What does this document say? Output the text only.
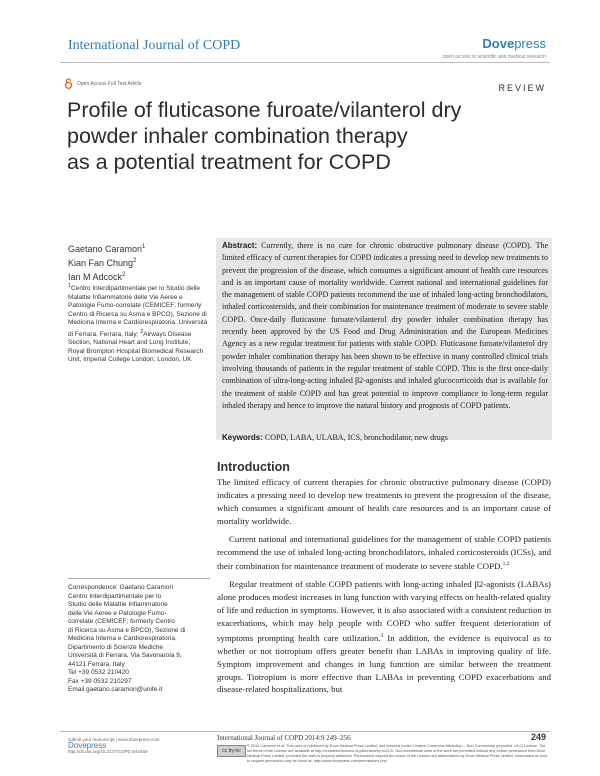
International Journal of COPD	Dovepress
open access to scientific and medical research
Open Access Full Text Article	REVIEW
Profile of fluticasone furoate/vilanterol dry
powder inhaler combination therapy
as a potential treatment for COPD
Gaetano Caramori$^1$
Kian Fan Chung$^2$
Ian M Adcock$^2$
$^1$Centro Interdipartimentale per lo Studio delle Malattie Infiammatorie delle Vie Aeree e Patologie Fumo-correlate (CEMICEF; formerly Centro di Ricerca su Asma e BPCO), Sezione di Medicina Interna e Cardiorespiratoria, Università di Ferrara, Ferrara, Italy; $^2$Airways Disease Section, National Heart and Lung Institute, Royal Brompton Hospital Biomedical Research Unit, Imperial College London, London, UK
Correspondence: Gaetano Caramori
Centro Interdipartimentale per lo
Studio delle Malattie Infiammatorie
delle Vie Aeree e Patologie Fumo-
correlate (CEMICEF; formerly Centro
di Ricerca su Asma e BPCO), Sezione di
Medicina Interna e Cardiorespiratoria,
Dipartimento di Scienze Mediche
Università di Ferrara, Via Savonarola 9,
44121 Ferrara, Italy
Tel +39 0532 210420
Fax +39 0532 210297
Email gaetano.caramori@unife.it
Abstract: Currently, there is no cure for chronic obstructive pulmonary disease (COPD). The limited efficacy of current therapies for COPD indicates a pressing need to develop new treatments to prevent the progression of the disease, which consumes a significant amount of health care resources and is an important cause of mortality worldwide. Current national and international guidelines for the management of stable COPD patients recommend the use of inhaled long-acting bronchodilators, inhaled corticosteroids, and their combination for maintenance treatment of moderate to severe stable COPD. Once-daily fluticasone furoate/vilanterol dry powder inhaler combination therapy has recently been approved by the US Food and Drug Administration and the European Medicines Agency as a new regular treatment for patients with stable COPD. Fluticasone furoate/vilanterol dry powder inhaler combination therapy has been shown to be effective in many controlled clinical trials involving thousands of patients in the regular treatment of stable COPD. This is the first once-daily combination of ultra-long-acting inhaled β2-agonists and inhaled glucocorticoids that is available for the treatment of stable COPD and has great potential to improve compliance to long-term regular inhaled therapy and hence to improve the natural history and prognosis of COPD patients.
Keywords: COPD, LABA, ULABA, ICS, bronchodilator, new drugs
Introduction

The limited efficacy of current therapies for chronic obstructive pulmonary disease (COPD) indicates a pressing need to develop new treatments to prevent the progression of the disease, which consumes a significant amount of health care resources and is an important cause of mortality worldwide.

Current national and international guidelines for the management of stable COPD patients recommend the use of inhaled long-acting bronchodilators, inhaled corticosteroids (ICSs), and their combination for maintenance treatment of moderate to severe stable COPD.$^{1,2}$

Regular treatment of stable COPD patients with long-acting inhaled β2-agonists (LABAs) alone produces modest increases in lung function with varying effects on health-related quality of life and reduction in symptoms. However, it is also associated with a consistent reduction in exacerbations, which may help people with COPD who suffer frequent deterioration of symptoms prompting health care utilization.$^3$ In addition, the evidence is equivocal as to whether or not tiotropium offers greater benefit than LABAs in improving quality of life. Symptom improvement and changes in lung function are similar between the treatment groups. Tiotropium is more effective than LABAs in preventing COPD exacerbations and disease-related hospitalizations, but

submit your manuscript | www.dovepress.com
Dovepress
http://dx.doi.org/10.2147/COPD.S44469
International Journal of COPD 2014:9 249–256	249
cc by-nc
© 2014 Caramori et al. This work is published by Dove Medical Press Limited, and licensed under Creative Commons Attribution – Non Commercial (unported, v3.0) License. The full terms of the License are available at http://creativecommons.org/licenses/by-nc/3.0/. Non-commercial uses of the work are permitted without any further permission from Dove Medical Press Limited, provided the work is properly attributed. Permissions beyond the scope of the License are administered by Dove Medical Press Limited. Information on how to request permission may be found at: http://www.dovepress.com/permissions.php
